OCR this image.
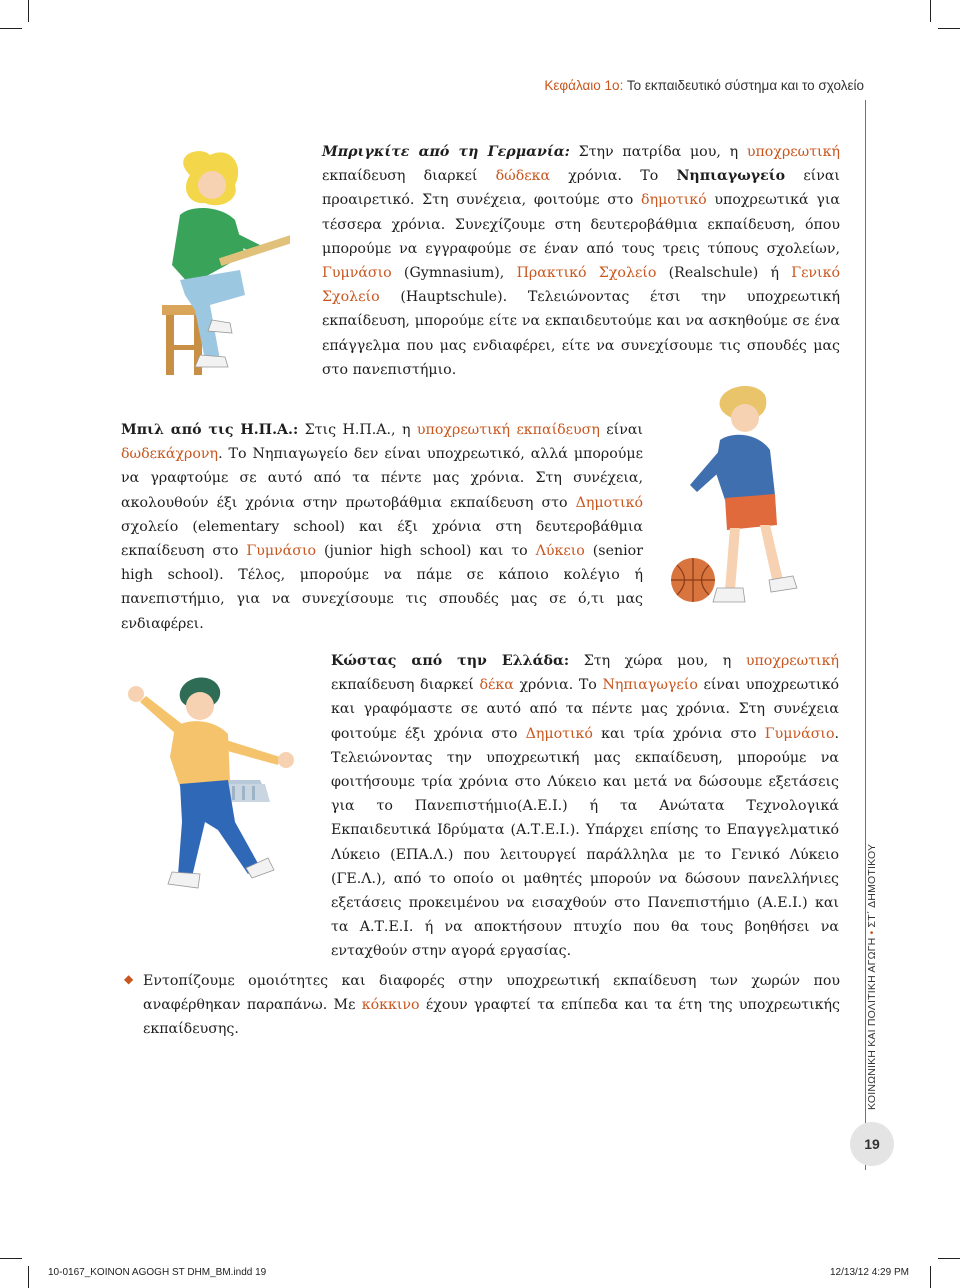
Κεφάλαιο 1ο: Το εκπαιδευτικό σύστημα και το σχολείο
ΚΟΙΝΩΝΙΚΗ ΚΑΙ ΠΟΛΙΤΙΚΗ ΑΓΩΓΗ • ΣΤ΄ ΔΗΜΟΤΙΚΟΥ
19

Μπριγκίτε από τη Γερμανία: Στην πατρίδα μου, η υποχρεωτική εκπαίδευση διαρκεί δώδεκα χρόνια. Το Νηπιαγωγείο είναι προαιρετικό. Στη συνέχεια, φοιτούμε στο δημοτικό υποχρεωτικά για τέσσερα χρόνια. Συνεχίζουμε στη δευτεροβάθμια εκπαίδευση, όπου μπορούμε να εγγραφούμε σε έναν από τους τρεις τύπους σχολείων, Γυμνάσιο (Gymnasium), Πρακτικό Σχολείο (Realschule) ή Γενικό Σχολείο (Hauptschule). Τελειώνοντας έτσι την υποχρεωτική εκπαίδευση, μπορούμε είτε να εκπαιδευτούμε και να ασκηθούμε σε ένα επάγγελμα που μας ενδιαφέρει, είτε να συνεχίσουμε τις σπουδές μας στο πανεπιστήμιο.

Μπιλ από τις Η.Π.Α.: Στις Η.Π.Α., η υποχρεωτική εκπαίδευση είναι δωδεκάχρονη. Το Νηπιαγωγείο δεν είναι υποχρεωτικό, αλλά μπορούμε να γραφτούμε σε αυτό από τα πέντε μας χρόνια. Στη συνέχεια, ακολουθούν έξι χρόνια στην πρωτοβάθμια εκπαίδευση στο Δημοτικό σχολείο (elementary school) και έξι χρόνια στη δευτεροβάθμια εκπαίδευση στο Γυμνάσιο (junior high school) και το Λύκειο (senior high school). Τέλος, μπορούμε να πάμε σε κάποιο κολέγιο ή πανεπιστήμιο, για να συνεχίσουμε τις σπουδές μας σε ό,τι μας ενδιαφέρει.

Κώστας από την Ελλάδα: Στη χώρα μου, η υποχρεωτική εκπαίδευση διαρκεί δέκα χρόνια. Το Νηπιαγωγείο είναι υποχρεωτικό και γραφόμαστε σε αυτό από τα πέντε μας χρόνια. Στη συνέχεια φοιτούμε έξι χρόνια στο Δημοτικό και τρία χρόνια στο Γυμνάσιο. Τελειώνοντας την υποχρεωτική μας εκπαίδευση, μπορούμε να φοιτήσουμε τρία χρόνια στο Λύκειο και μετά να δώσουμε εξετάσεις για το Πανεπιστήμιο(Α.Ε.Ι.) ή τα Ανώτατα Τεχνολογικά Εκπαιδευτικά Ιδρύματα (Α.Τ.Ε.Ι.). Υπάρχει επίσης το Επαγγελματικό Λύκειο (ΕΠΑ.Λ.) που λειτουργεί παράλληλα με το Γενικό Λύκειο (ΓΕ.Λ.), από το οποίο οι μαθητές μπορούν να δώσουν πανελλήνιες εξετάσεις προκειμένου να εισαχθούν στο Πανεπιστήμιο (Α.Ε.Ι.) και τα Α.Τ.Ε.Ι. ή να αποκτήσουν πτυχίο που θα τους βοηθήσει να ενταχθούν στην αγορά εργασίας.

◆ Εντοπίζουμε ομοιότητες και διαφορές στην υποχρεωτική εκπαίδευση των χωρών που αναφέρθηκαν παραπάνω. Με κόκκινο έχουν γραφτεί τα επίπεδα και τα έτη της υποχρεωτικής εκπαίδευσης.

10-0167_KOINON AGOGH ST DHM_BM.indd 19	12/13/12 4:29 PM
